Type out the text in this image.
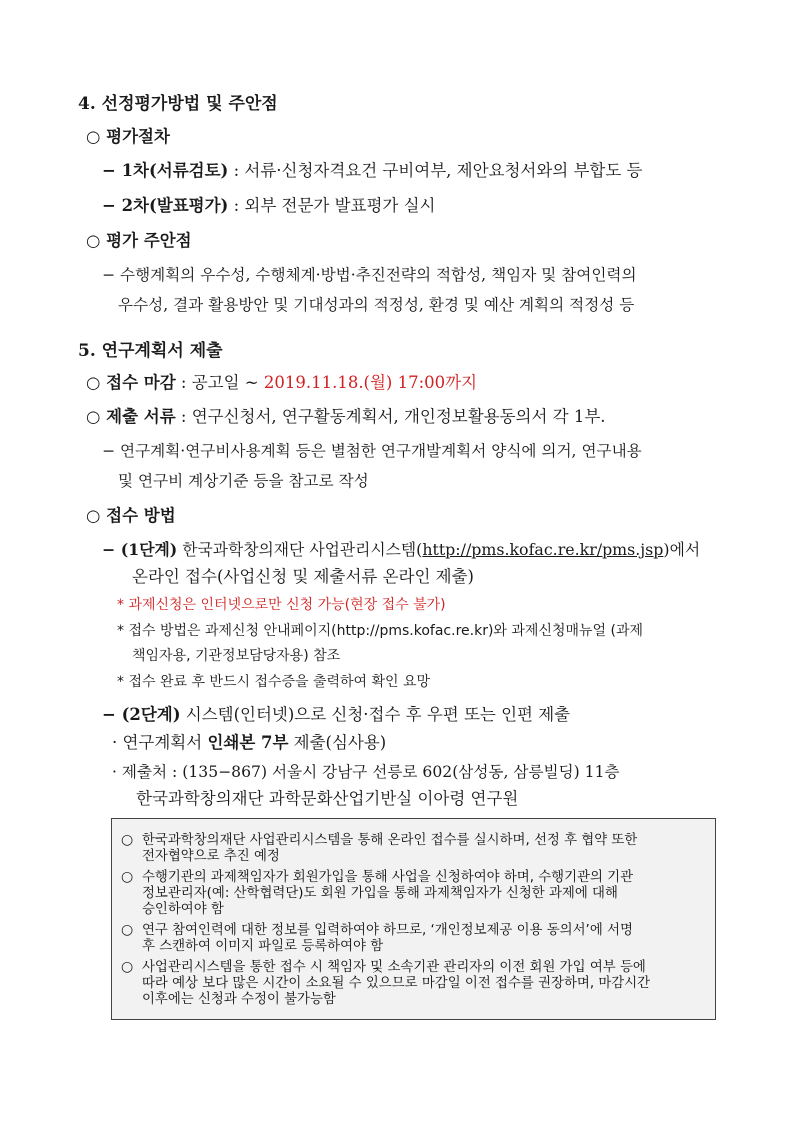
4. 선정평가방법 및 주안점
○ 평가절차
− 1차(서류검토) : 서류·신청자격요건 구비여부, 제안요청서와의 부합도 등
− 2차(발표평가) : 외부 전문가 발표평가 실시
○ 평가 주안점
− 수행계획의 우수성, 수행체계·방법·추진전략의 적합성, 책임자 및 참여인력의
우수성, 결과 활용방안 및 기대성과의 적정성, 환경 및 예산 계획의 적정성 등
5. 연구계획서 제출
○ 접수 마감 : 공고일 ~ 2019.11.18.(월) 17:00까지
○ 제출 서류 : 연구신청서, 연구활동계획서, 개인정보활용동의서 각 1부.
− 연구계획·연구비사용계획 등은 별첨한 연구개발계획서 양식에 의거, 연구내용
및 연구비 계상기준 등을 참고로 작성
○ 접수 방법
− (1단계) 한국과학창의재단 사업관리시스템(http://pms.kofac.re.kr/pms.jsp)에서
온라인 접수(사업신청 및 제출서류 온라인 제출)
* 과제신청은 인터넷으로만 신청 가능(현장 접수 불가)
* 접수 방법은 과제신청 안내페이지(http://pms.kofac.re.kr)와 과제신청매뉴얼 (과제
책임자용, 기관정보담당자용) 참조
* 접수 완료 후 반드시 접수증을 출력하여 확인 요망
− (2단계) 시스템(인터넷)으로 신청·접수 후 우편 또는 인편 제출
· 연구계획서 인쇄본 7부 제출(심사용)
· 제출처 : (135−867) 서울시 강남구 선릉로 602(삼성동, 삼릉빌딩) 11층
한국과학창의재단 과학문화산업기반실 이아령 연구원
○ 한국과학창의재단 사업관리시스템을 통해 온라인 접수를 실시하며, 선정 후 협약 또한
전자협약으로 추진 예정
○ 수행기관의 과제책임자가 회원가입을 통해 사업을 신청하여야 하며, 수행기관의 기관
정보관리자(예: 산학협력단)도 회원 가입을 통해 과제책임자가 신청한 과제에 대해
승인하여야 함
○ 연구 참여인력에 대한 정보를 입력하여야 하므로, ‘개인정보제공 이용 동의서’에 서명
후 스캔하여 이미지 파일로 등록하여야 함
○ 사업관리시스템을 통한 접수 시 책임자 및 소속기관 관리자의 이전 회원 가입 여부 등에
따라 예상 보다 많은 시간이 소요될 수 있으므로 마감일 이전 접수를 권장하며, 마감시간
이후에는 신청과 수정이 불가능함
